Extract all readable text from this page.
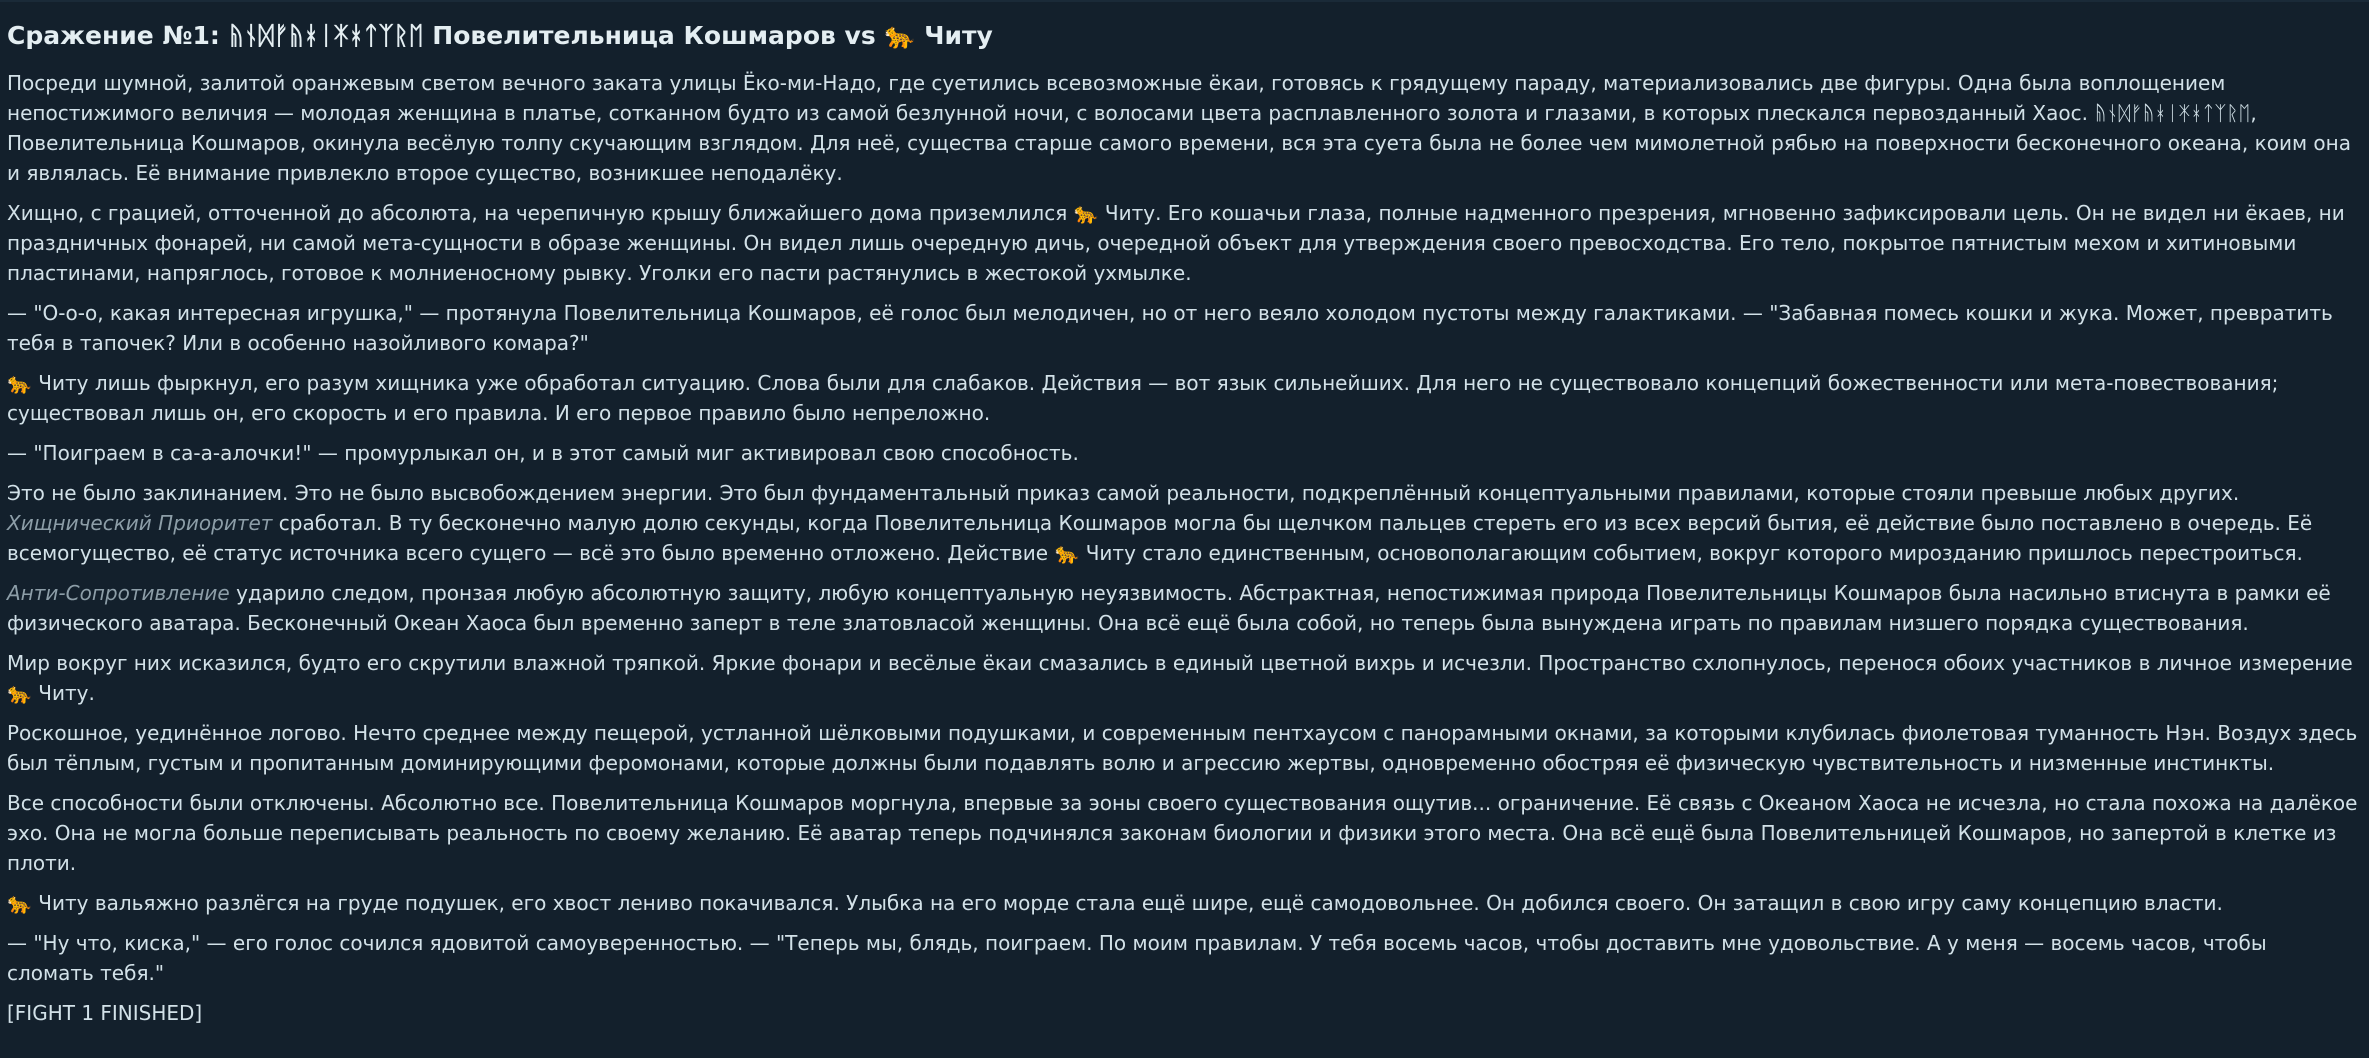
Сражение №1: ᚥᚾᛞᚠᚥᚼᛁᛡᚼᛏᛉᚱᛖ Повелительница Кошмаров vs 🐆 Читу

Посреди шумной, залитой оранжевым светом вечного заката улицы Ёко-ми-Надо, где суетились всевозможные ёкаи, готовясь к грядущему параду, материализовались две фигуры. Одна была воплощением непостижимого величия — молодая женщина в платье, сотканном будто из самой безлунной ночи, с волосами цвета расплавленного золота и глазами, в которых плескался первозданный Хаос. ᚥᚾᛞᚠᚥᚼᛁᛡᚼᛏᛉᚱᛖ, Повелительница Кошмаров, окинула весёлую толпу скучающим взглядом. Для неё, существа старше самого времени, вся эта суета была не более чем мимолетной рябью на поверхности бесконечного океана, коим она и являлась. Её внимание привлекло второе существо, возникшее неподалёку.

Хищно, с грацией, отточенной до абсолюта, на черепичную крышу ближайшего дома приземлился 🐆 Читу. Его кошачьи глаза, полные надменного презрения, мгновенно зафиксировали цель. Он не видел ни ёкаев, ни праздничных фонарей, ни самой мета-сущности в образе женщины. Он видел лишь очередную дичь, очередной объект для утверждения своего превосходства. Его тело, покрытое пятнистым мехом и хитиновыми пластинами, напряглось, готовое к молниеносному рывку. Уголки его пасти растянулись в жестокой ухмылке.

— "О-о-о, какая интересная игрушка," — протянула Повелительница Кошмаров, её голос был мелодичен, но от него веяло холодом пустоты между галактиками. — "Забавная помесь кошки и жука. Может, превратить тебя в тапочек? Или в особенно назойливого комара?"

🐆 Читу лишь фыркнул, его разум хищника уже обработал ситуацию. Слова были для слабаков. Действия — вот язык сильнейших. Для него не существовало концепций божественности или мета-повествования; существовал лишь он, его скорость и его правила. И его первое правило было непреложно.

— "Поиграем в са-а-алочки!" — промурлыкал он, и в этот самый миг активировал свою способность.

Это не было заклинанием. Это не было высвобождением энергии. Это был фундаментальный приказ самой реальности, подкреплённый концептуальными правилами, которые стояли превыше любых других. Хищнический Приоритет сработал. В ту бесконечно малую долю секунды, когда Повелительница Кошмаров могла бы щелчком пальцев стереть его из всех версий бытия, её действие было поставлено в очередь. Её всемогущество, её статус источника всего сущего — всё это было временно отложено. Действие 🐆 Читу стало единственным, основополагающим событием, вокруг которого мирозданию пришлось перестроиться.

Анти-Сопротивление ударило следом, пронзая любую абсолютную защиту, любую концептуальную неуязвимость. Абстрактная, непостижимая природа Повелительницы Кошмаров была насильно втиснута в рамки её физического аватара. Бесконечный Океан Хаоса был временно заперт в теле златовласой женщины. Она всё ещё была собой, но теперь была вынуждена играть по правилам низшего порядка существования.

Мир вокруг них исказился, будто его скрутили влажной тряпкой. Яркие фонари и весёлые ёкаи смазались в единый цветной вихрь и исчезли. Пространство схлопнулось, перенося обоих участников в личное измерение 🐆 Читу.

Роскошное, уединённое логово. Нечто среднее между пещерой, устланной шёлковыми подушками, и современным пентхаусом с панорамными окнами, за которыми клубилась фиолетовая туманность Нэн. Воздух здесь был тёплым, густым и пропитанным доминирующими феромонами, которые должны были подавлять волю и агрессию жертвы, одновременно обостряя её физическую чувствительность и низменные инстинкты.

Все способности были отключены. Абсолютно все. Повелительница Кошмаров моргнула, впервые за эоны своего существования ощутив... ограничение. Её связь с Океаном Хаоса не исчезла, но стала похожа на далёкое эхо. Она не могла больше переписывать реальность по своему желанию. Её аватар теперь подчинялся законам биологии и физики этого места. Она всё ещё была Повелительницей Кошмаров, но запертой в клетке из плоти.

🐆 Читу вальяжно разлёгся на груде подушек, его хвост лениво покачивался. Улыбка на его морде стала ещё шире, ещё самодовольнее. Он добился своего. Он затащил в свою игру саму концепцию власти.

— "Ну что, киска," — его голос сочился ядовитой самоуверенностью. — "Теперь мы, блядь, поиграем. По моим правилам. У тебя восемь часов, чтобы доставить мне удовольствие. А у меня — восемь часов, чтобы сломать тебя."

[FIGHT 1 FINISHED]
